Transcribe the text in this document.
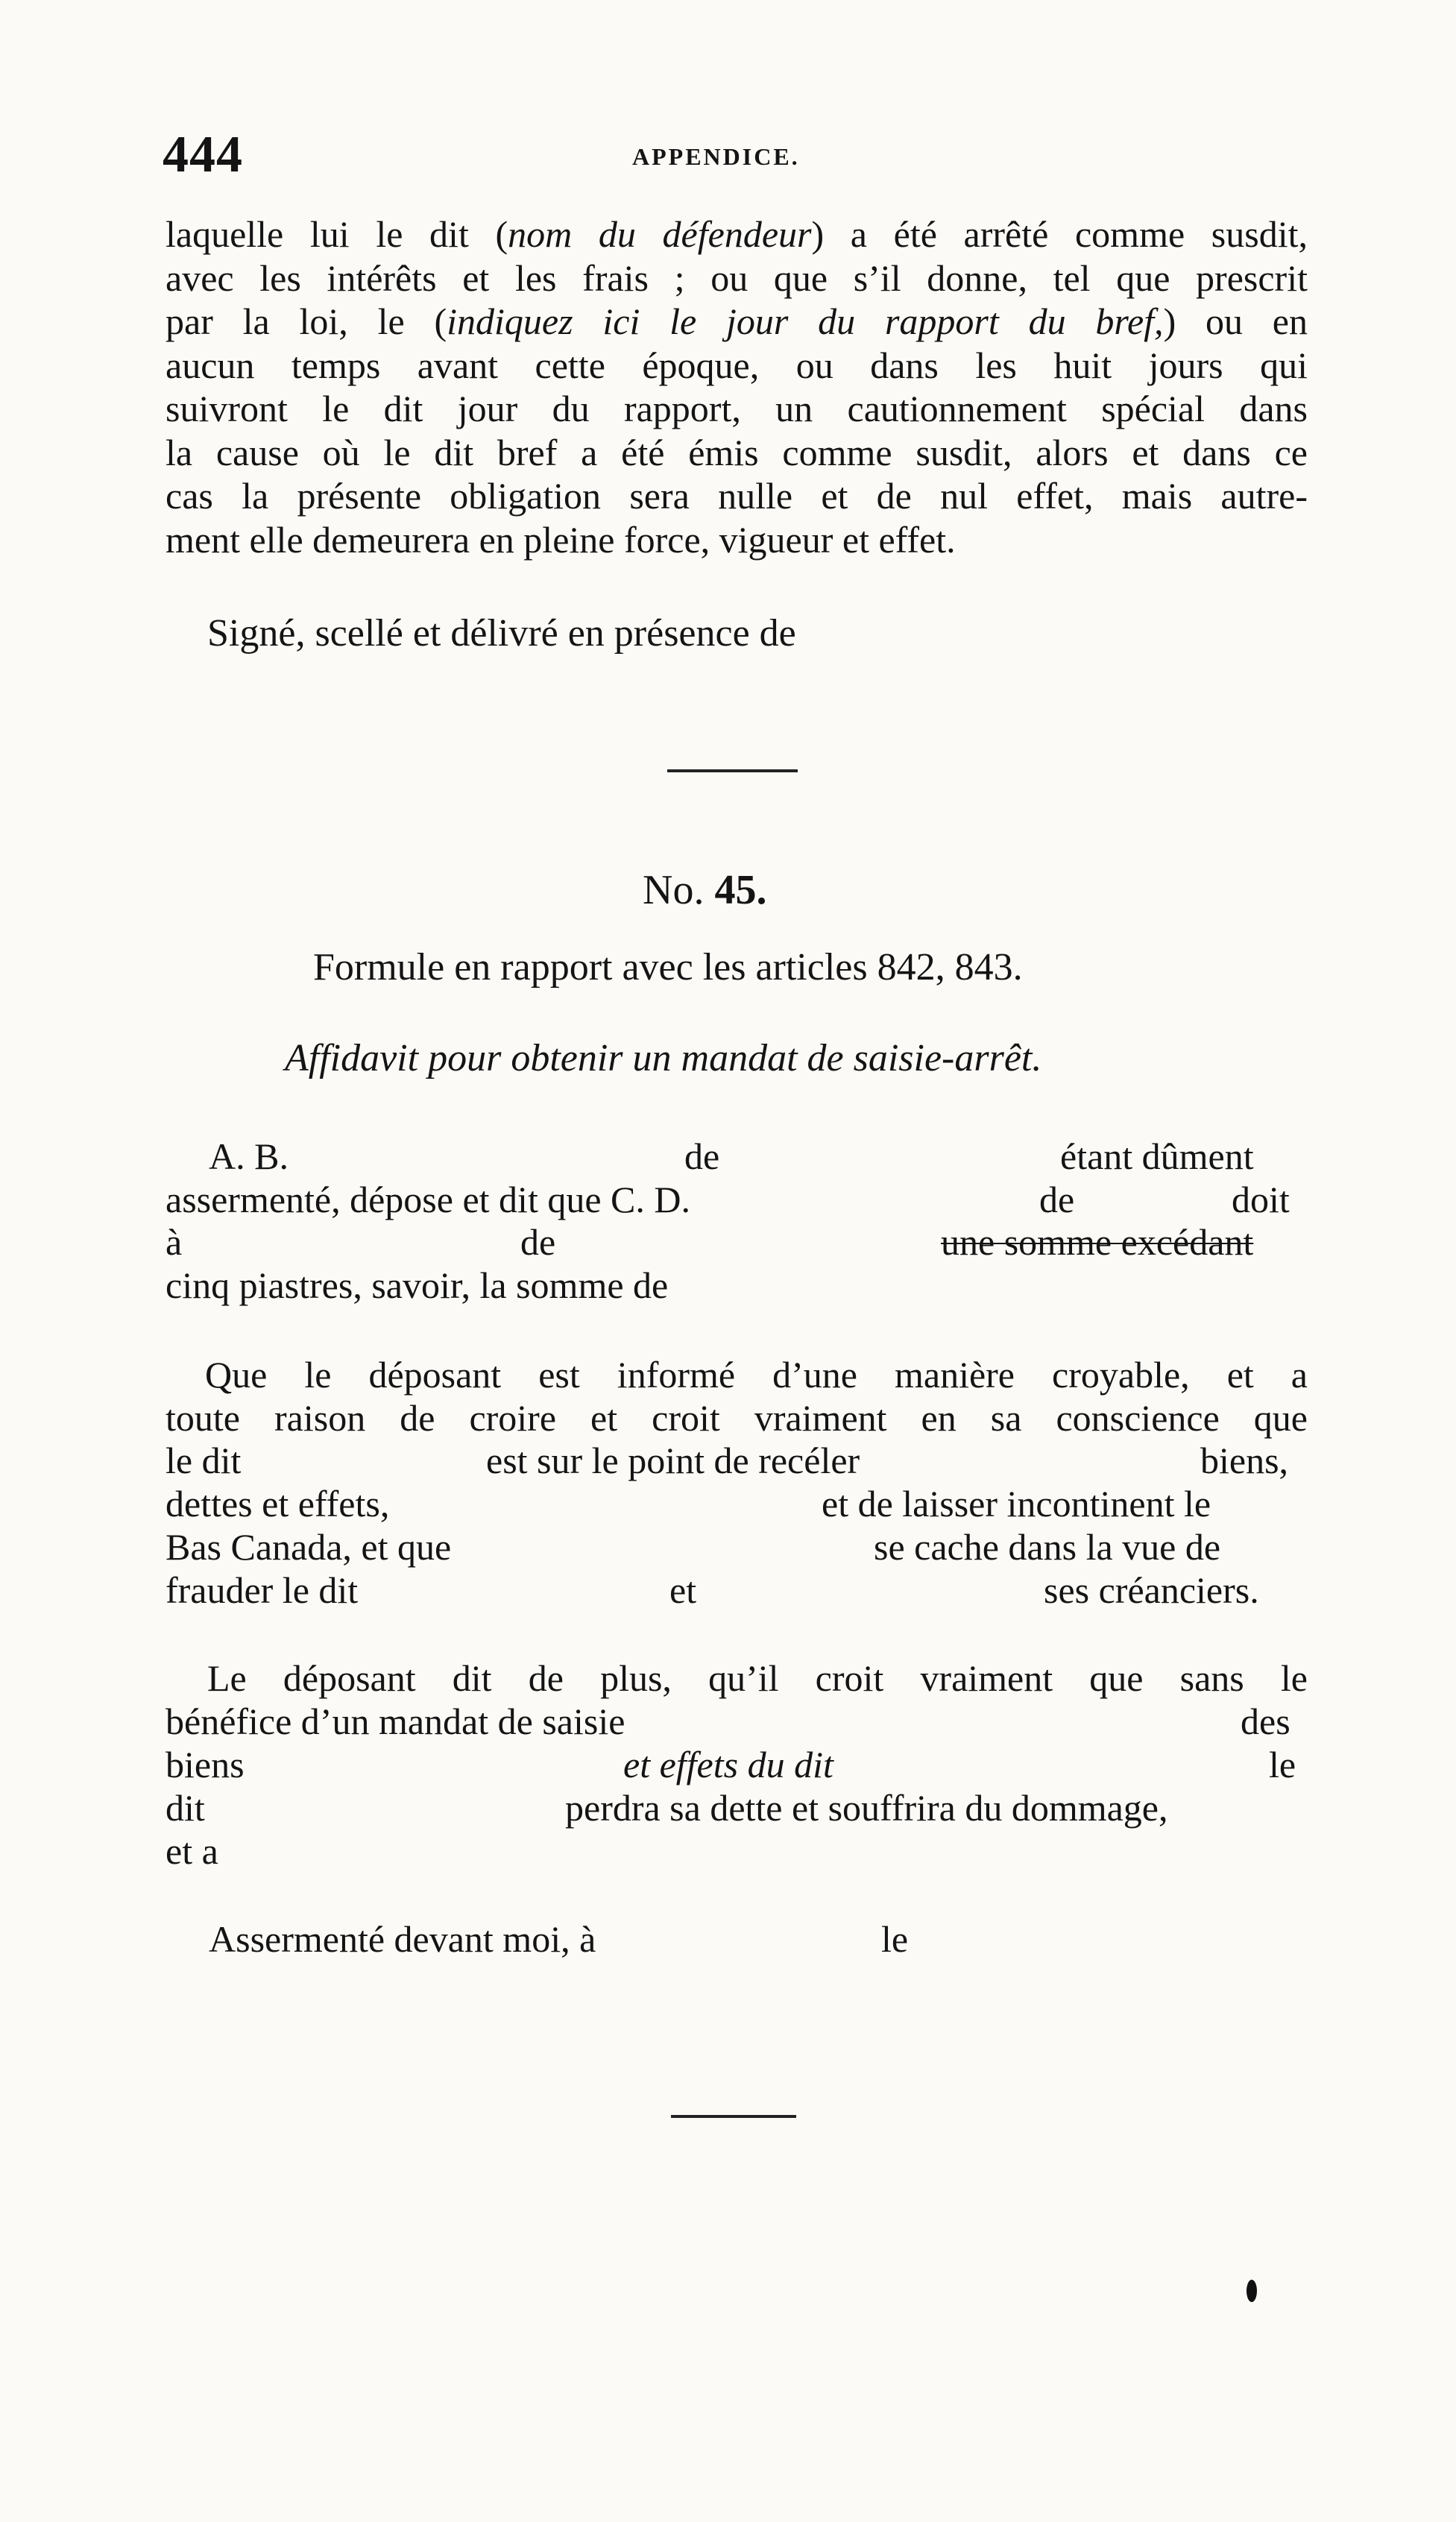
444	APPENDICE.
laquelle lui le dit (nom du défendeur) a été arrêté comme susdit,
avec les intérêts et les frais ; ou que s’il donne, tel que prescrit
par la loi, le (indiquez ici le jour du rapport du bref,) ou en
aucun temps avant cette époque, ou dans les huit jours qui
suivront le dit jour du rapport, un cautionnement spécial dans
la cause où le dit bref a été émis comme susdit, alors et dans ce
cas la présente obligation sera nulle et de nul effet, mais autre-
ment elle demeurera en pleine force, vigueur et effet.
Signé, scellé et délivré en présence de
No. 45.
Formule en rapport avec les articles 842, 843.
Affidavit pour obtenir un mandat de saisie-arrêt.
A. B.	de	étant dûment
assermenté, dépose et dit que C. D.	de	doit
à	de	une somme excédant
cinq piastres, savoir, la somme de
Que le déposant est informé d’une manière croyable, et a
toute raison de croire et croit vraiment en sa conscience que
le dit	est sur le point de recéler	biens,
dettes et effets,	et de laisser incontinent le
Bas Canada, et que	se cache dans la vue de
frauder le dit	et	ses créanciers.
Le déposant dit de plus, qu’il croit vraiment que sans le
bénéfice d’un mandat de saisie	des
biens	et effets du dit	le
dit	perdra sa dette et souffrira du dommage,
et a
Assermenté devant moi, à	le
